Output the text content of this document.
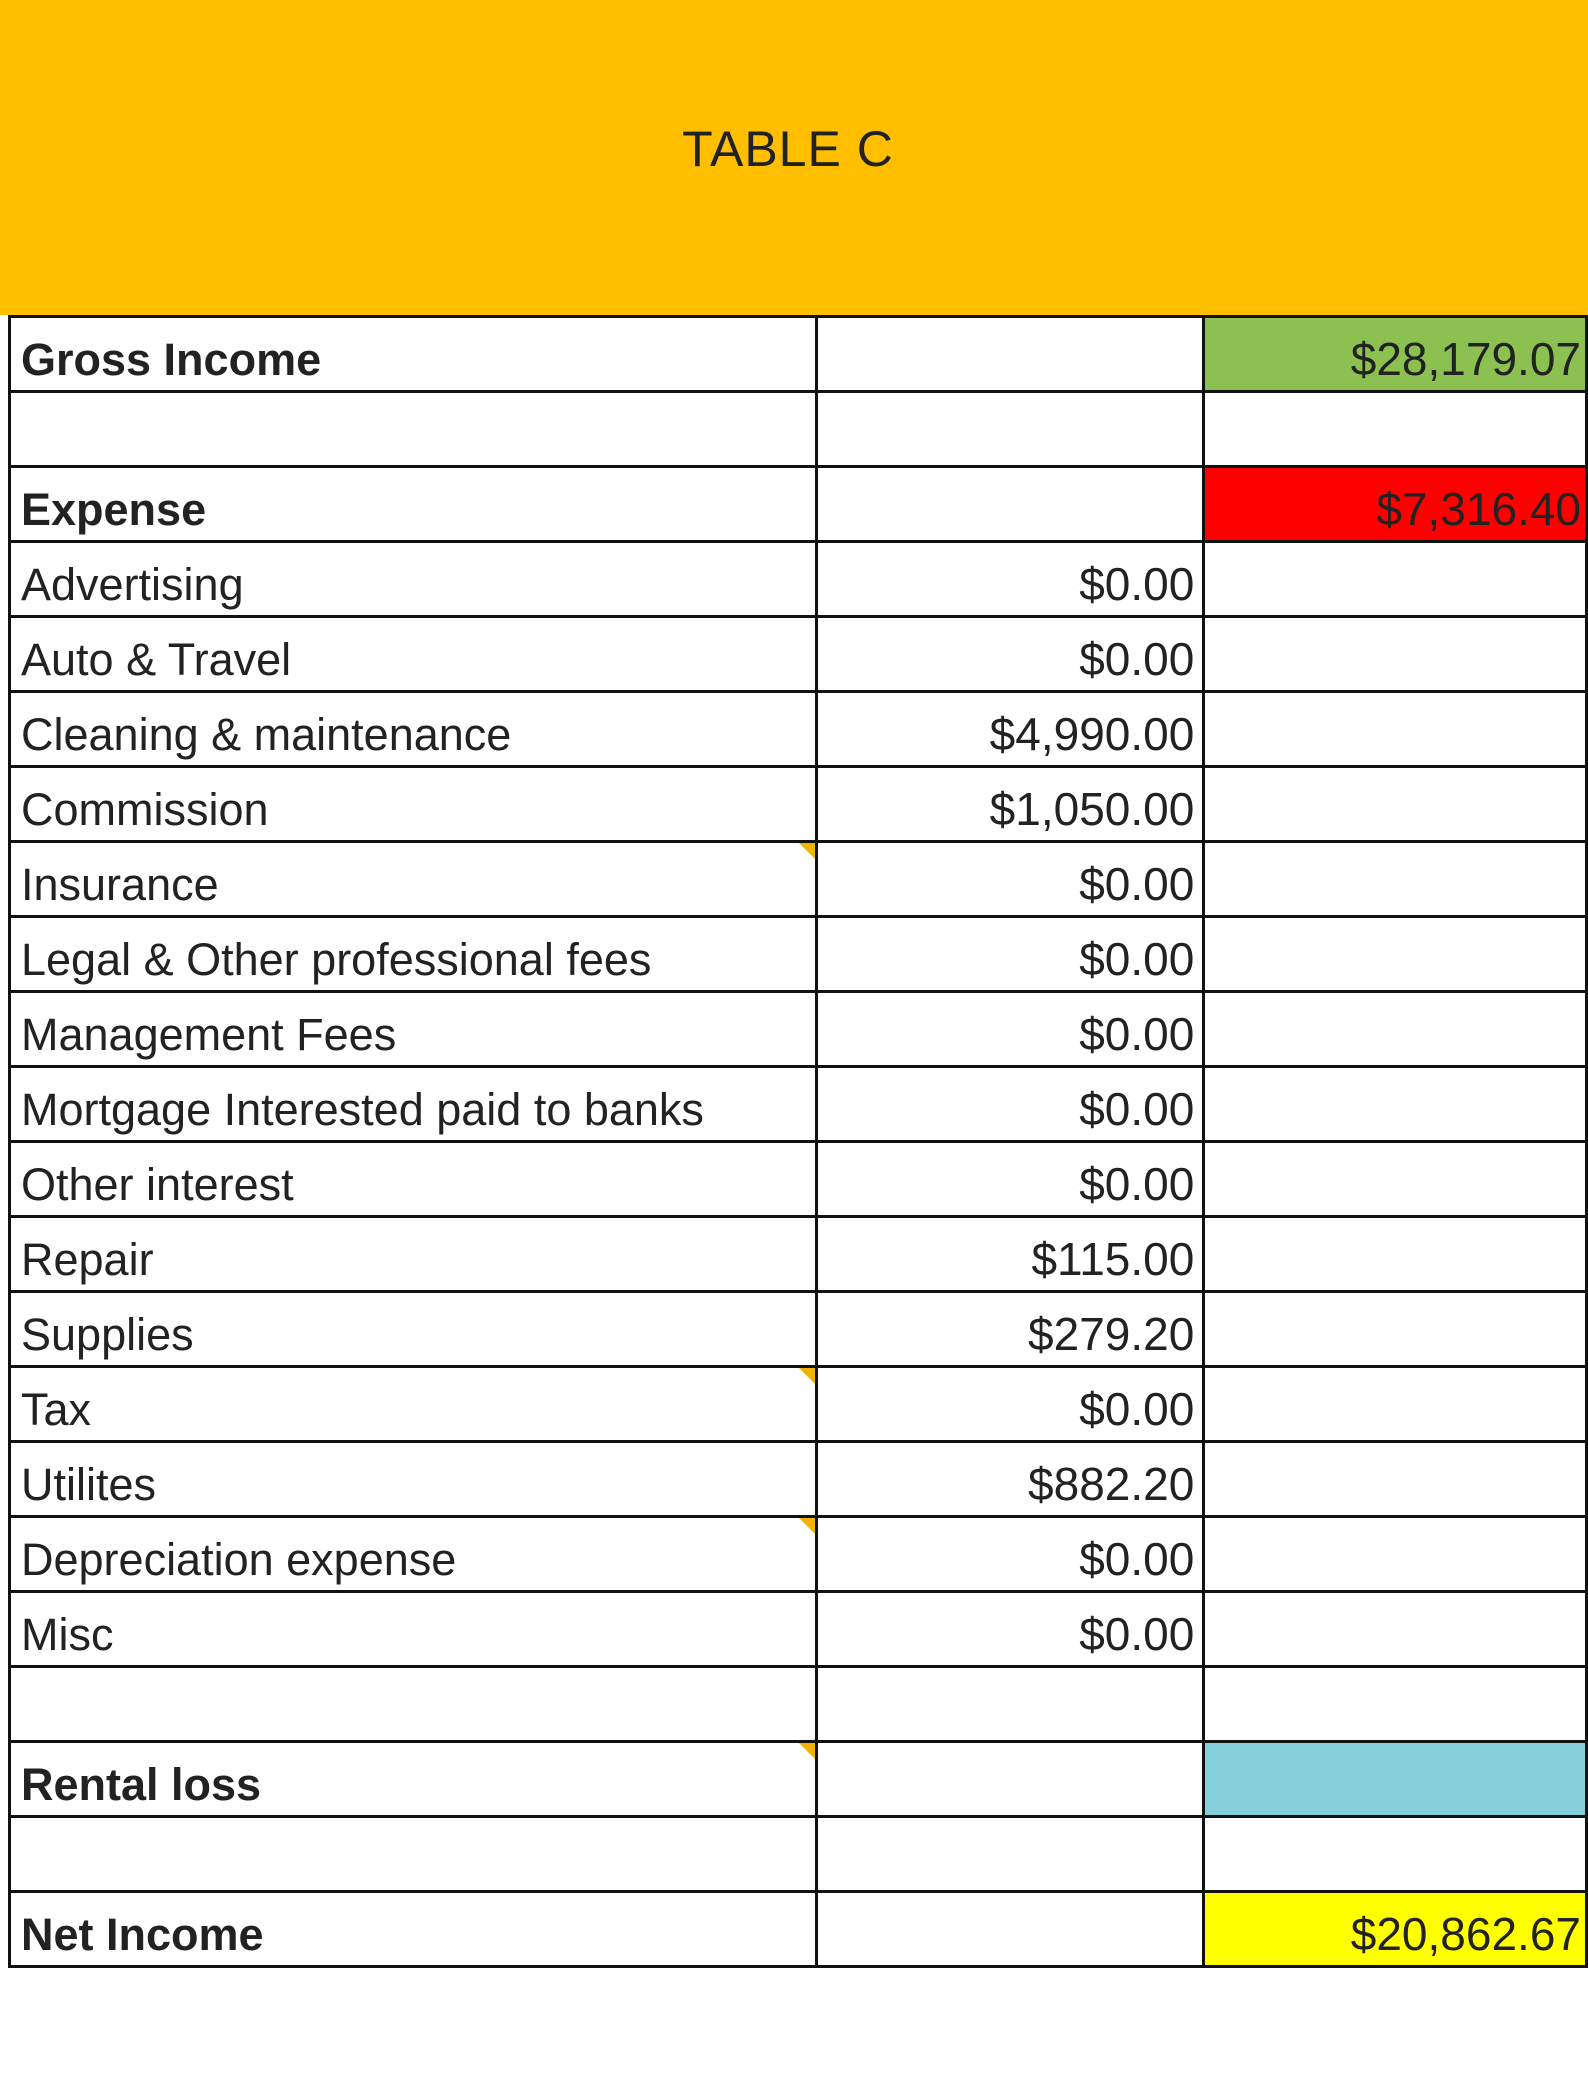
TABLE C
Gross Income		$28,179.07

Expense		$7,316.40
Advertising	$0.00	
Auto & Travel	$0.00	
Cleaning & maintenance	$4,990.00	
Commission	$1,050.00	
Insurance	$0.00	
Legal & Other professional fees	$0.00	
Management Fees	$0.00	
Mortgage Interested paid to banks	$0.00	
Other interest	$0.00	
Repair	$115.00	
Supplies	$279.20	
Tax	$0.00	
Utilites	$882.20	
Depreciation expense	$0.00	
Misc	$0.00	

Rental loss

Net Income		$20,862.67
